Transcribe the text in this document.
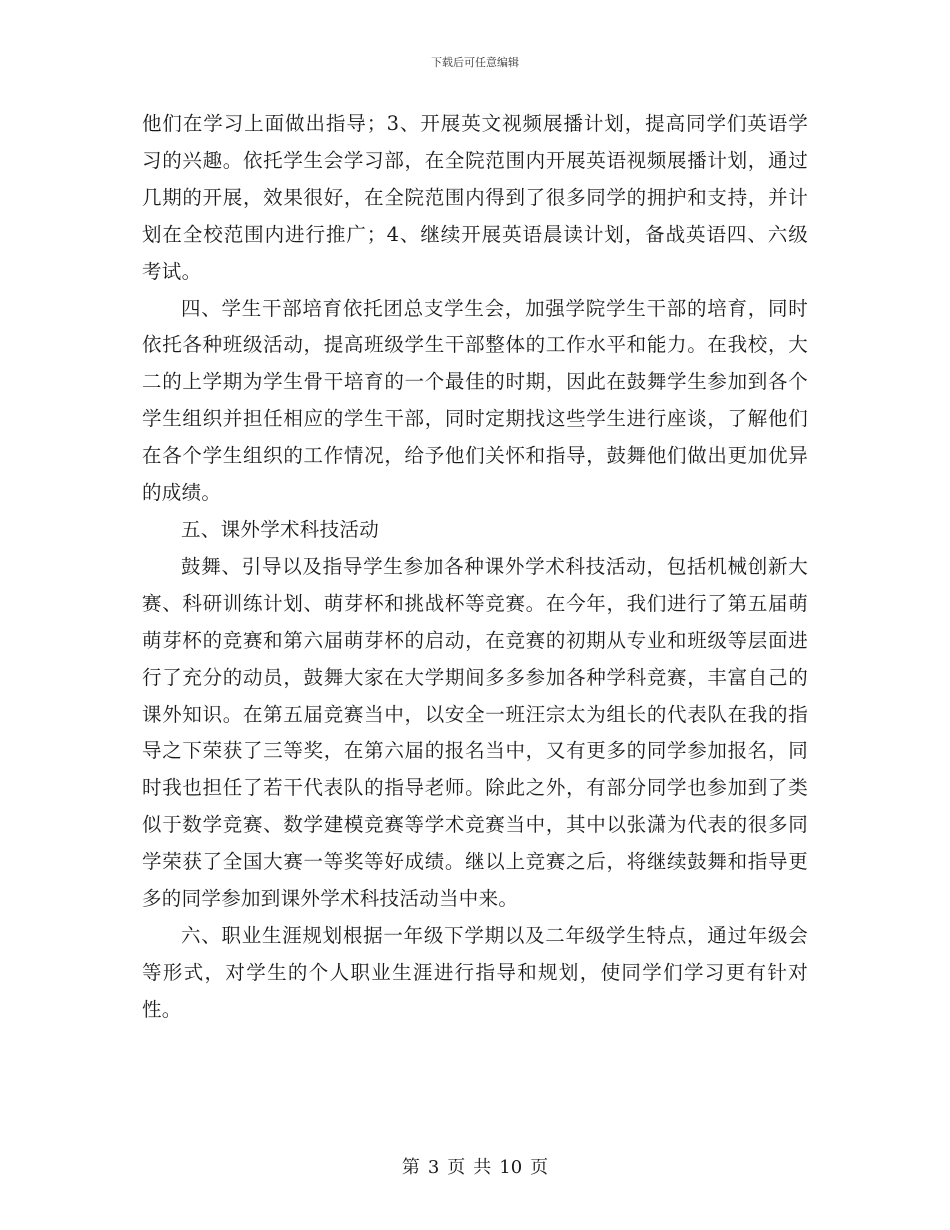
下载后可任意编辑

他们在学习上面做出指导；3、开展英文视频展播计划，提高同学们英语学习的兴趣。依托学生会学习部，在全院范围内开展英语视频展播计划，通过几期的开展，效果很好，在全院范围内得到了很多同学的拥护和支持，并计划在全校范围内进行推广；4、继续开展英语晨读计划，备战英语四、六级考试。

四、学生干部培育依托团总支学生会，加强学院学生干部的培育，同时依托各种班级活动，提高班级学生干部整体的工作水平和能力。在我校，大二的上学期为学生骨干培育的一个最佳的时期，因此在鼓舞学生参加到各个学生组织并担任相应的学生干部，同时定期找这些学生进行座谈，了解他们在各个学生组织的工作情况，给予他们关怀和指导，鼓舞他们做出更加优异的成绩。

五、课外学术科技活动

鼓舞、引导以及指导学生参加各种课外学术科技活动，包括机械创新大赛、科研训练计划、萌芽杯和挑战杯等竞赛。在今年，我们进行了第五届萌萌芽杯的竞赛和第六届萌芽杯的启动，在竞赛的初期从专业和班级等层面进行了充分的动员，鼓舞大家在大学期间多多参加各种学科竞赛，丰富自己的课外知识。在第五届竞赛当中，以安全一班汪宗太为组长的代表队在我的指导之下荣获了三等奖，在第六届的报名当中，又有更多的同学参加报名，同时我也担任了若干代表队的指导老师。除此之外，有部分同学也参加到了类似于数学竞赛、数学建模竞赛等学术竞赛当中，其中以张潇为代表的很多同学荣获了全国大赛一等奖等好成绩。继以上竞赛之后，将继续鼓舞和指导更多的同学参加到课外学术科技活动当中来。

六、职业生涯规划根据一年级下学期以及二年级学生特点，通过年级会等形式，对学生的个人职业生涯进行指导和规划，使同学们学习更有针对性。

第 3 页 共 10 页
